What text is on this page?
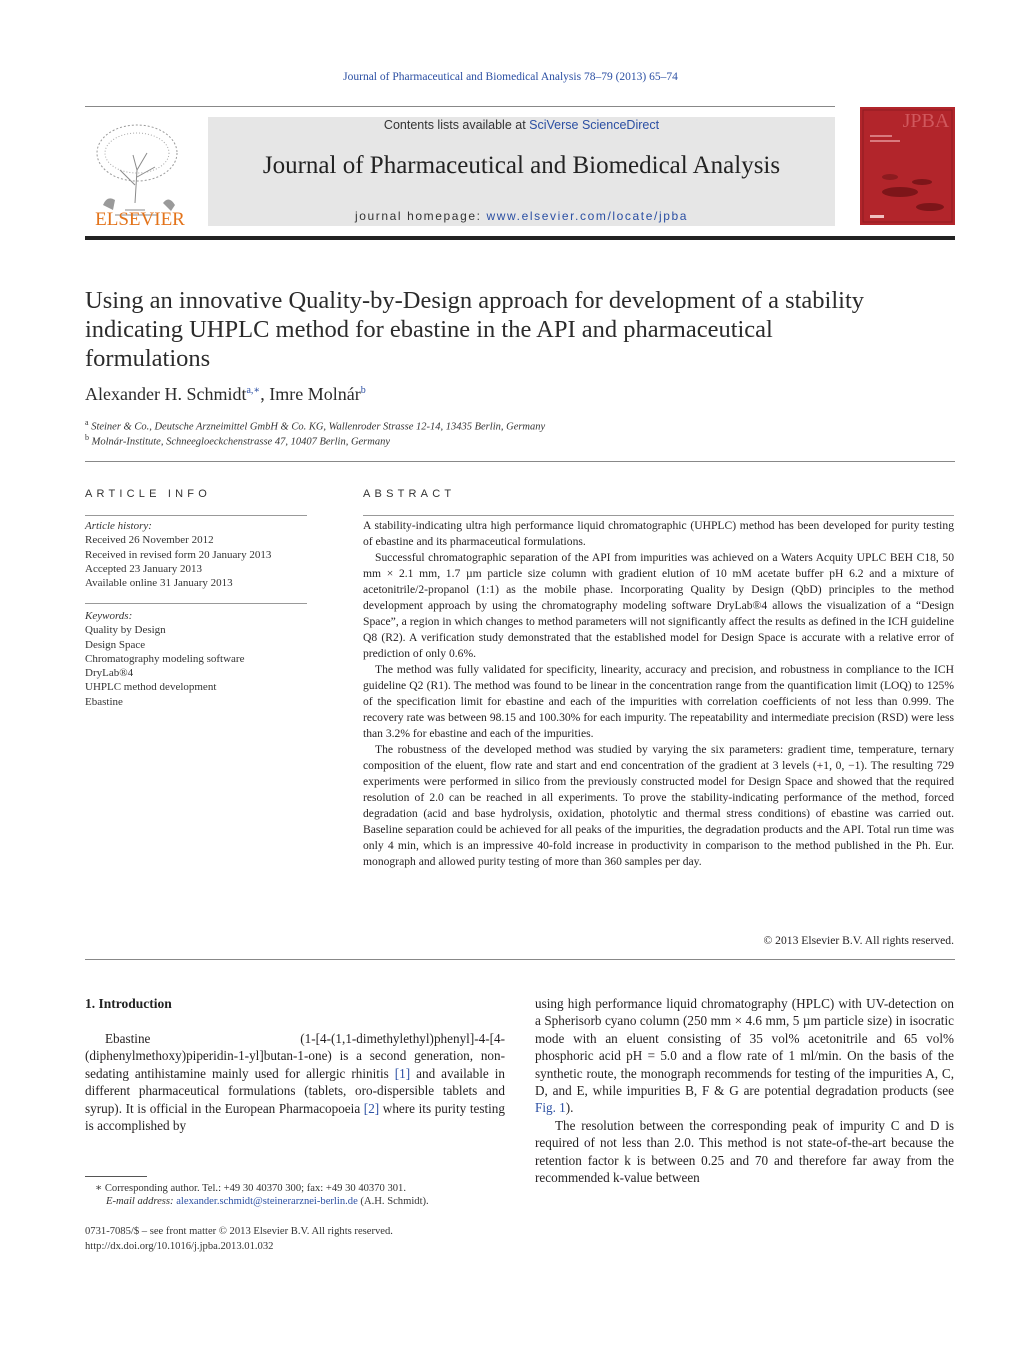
Journal of Pharmaceutical and Biomedical Analysis 78–79 (2013) 65–74
ELSEVIER
Contents lists available at SciVerse ScienceDirect
Journal of Pharmaceutical and Biomedical Analysis
journal homepage: www.elsevier.com/locate/jpba
JPBA
Using an innovative Quality-by-Design approach for development of a stability indicating UHPLC method for ebastine in the API and pharmaceutical formulations
Alexander H. Schmidt$^{a,∗}$, Imre Molnár$^b$
$^a$ Steiner & Co., Deutsche Arzneimittel GmbH & Co. KG, Wallenroder Strasse 12-14, 13435 Berlin, Germany
$^b$ Molnár-Institute, Schneegloeckchenstrasse 47, 10407 Berlin, Germany
ARTICLE INFO
Article history:
Received 26 November 2012
Received in revised form 20 January 2013
Accepted 23 January 2013
Available online 31 January 2013
Keywords:
Quality by Design
Design Space
Chromatography modeling software
DryLab®4
UHPLC method development
Ebastine
ABSTRACT

A stability-indicating ultra high performance liquid chromatographic (UHPLC) method has been developed for purity testing of ebastine and its pharmaceutical formulations.

Successful chromatographic separation of the API from impurities was achieved on a Waters Acquity UPLC BEH C18, 50 mm × 2.1 mm, 1.7 µm particle size column with gradient elution of 10 mM acetate buffer pH 6.2 and a mixture of acetonitrile/2-propanol (1:1) as the mobile phase. Incorporating Quality by Design (QbD) principles to the method development approach by using the chromatography modeling software DryLab®4 allows the visualization of a “Design Space”, a region in which changes to method parameters will not significantly affect the results as defined in the ICH guideline Q8 (R2). A verification study demonstrated that the established model for Design Space is accurate with a relative error of prediction of only 0.6%.

The method was fully validated for specificity, linearity, accuracy and precision, and robustness in compliance to the ICH guideline Q2 (R1). The method was found to be linear in the concentration range from the quantification limit (LOQ) to 125% of the specification limit for ebastine and each of the impurities with correlation coefficients of not less than 0.999. The recovery rate was between 98.15 and 100.30% for each impurity. The repeatability and intermediate precision (RSD) were less than 3.2% for ebastine and each of the impurities.

The robustness of the developed method was studied by varying the six parameters: gradient time, temperature, ternary composition of the eluent, flow rate and start and end concentration of the gradient at 3 levels (+1, 0, −1). The resulting 729 experiments were performed in silico from the previously constructed model for Design Space and showed that the required resolution of 2.0 can be reached in all experiments. To prove the stability-indicating performance of the method, forced degradation (acid and base hydrolysis, oxidation, photolytic and thermal stress conditions) of ebastine was carried out. Baseline separation could be achieved for all peaks of the impurities, the degradation products and the API. Total run time was only 4 min, which is an impressive 40-fold increase in productivity in comparison to the method published in the Ph. Eur. monograph and allowed purity testing of more than 360 samples per day.

© 2013 Elsevier B.V. All rights reserved.
1. Introduction

Ebastine (1-[4-(1,1-dimethylethyl)phenyl]-4-[4-(diphenylmethoxy)piperidin-1-yl]butan-1-one) is a second generation, non-sedating antihistamine mainly used for allergic rhinitis [1] and available in different pharmaceutical formulations (tablets, oro-dispersible tablets and syrup). It is official in the European Pharmacopoeia [2] where its purity testing is accomplished by

using high performance liquid chromatography (HPLC) with UV-detection on a Spherisorb cyano column (250 mm × 4.6 mm, 5 µm particle size) in isocratic mode with an eluent consisting of 35 vol% acetonitrile and 65 vol% phosphoric acid pH = 5.0 and a flow rate of 1 ml/min. On the basis of the synthetic route, the monograph recommends for testing of the impurities A, C, D, and E, while impurities B, F & G are potential degradation products (see Fig. 1).

The resolution between the corresponding peak of impurity C and D is required of not less than 2.0. This method is not state-of-the-art because the retention factor k is between 0.25 and 70 and therefore far away from the recommended k-value between

∗ Corresponding author. Tel.: +49 30 40370 300; fax: +49 30 40370 301.
E-mail address: alexander.schmidt@steinerarznei-berlin.de (A.H. Schmidt).
0731-7085/$ – see front matter © 2013 Elsevier B.V. All rights reserved.
http://dx.doi.org/10.1016/j.jpba.2013.01.032
